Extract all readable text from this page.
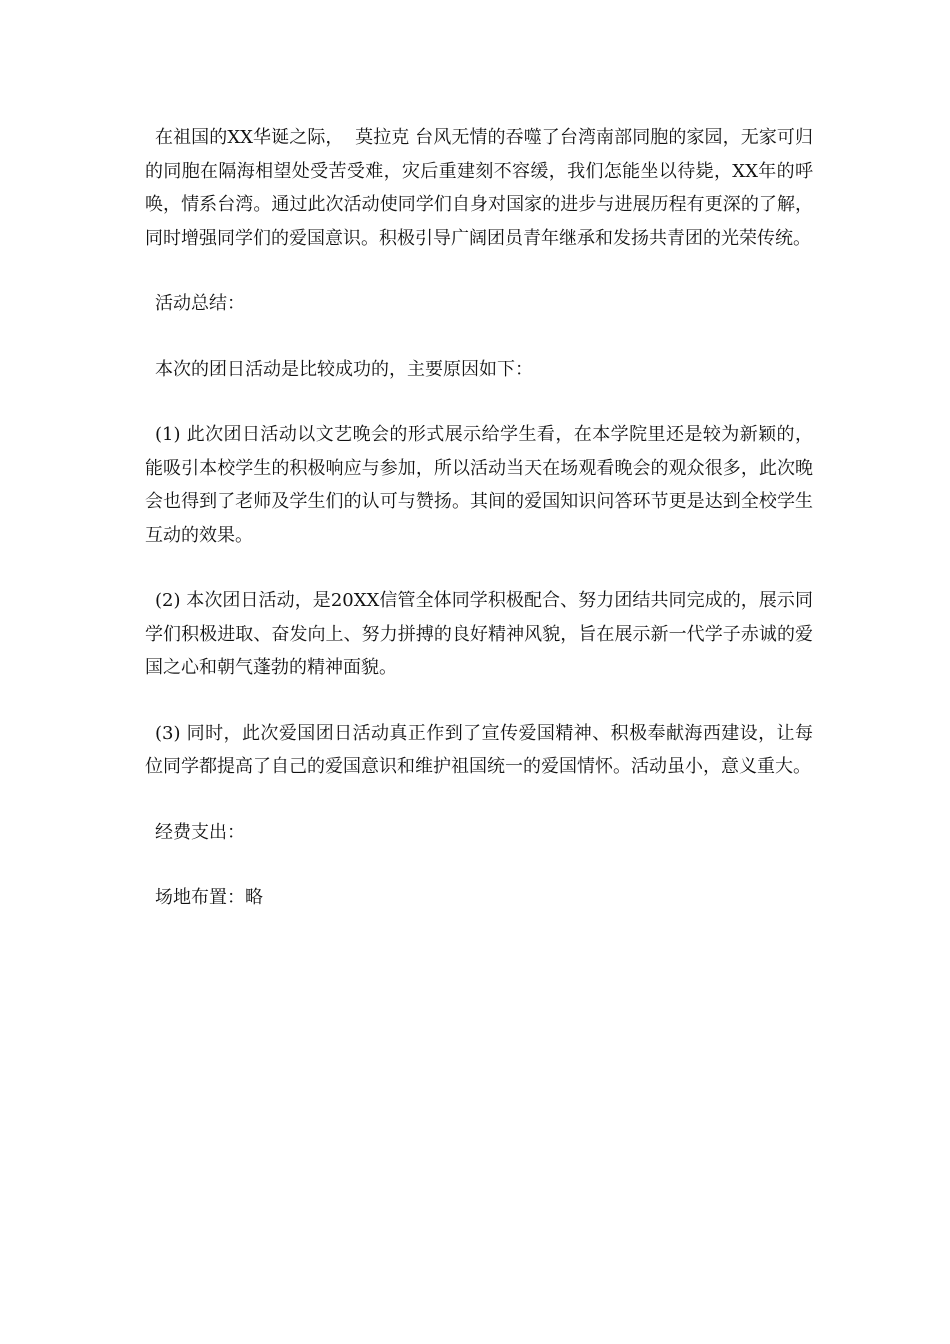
在祖国的XX华诞之际，  莫拉克 台风无情的吞噬了台湾南部同胞的家园，无家可归的同胞在隔海相望处受苦受难，灾后重建刻不容缓，我们怎能坐以待毙，XX年的呼唤，情系台湾。通过此次活动使同学们自身对国家的进步与进展历程有更深的了解，同时增强同学们的爱国意识。积极引导广阔团员青年继承和发扬共青团的光荣传统。

活动总结：

本次的团日活动是比较成功的，主要原因如下：

(1) 此次团日活动以文艺晚会的形式展示给学生看，在本学院里还是较为新颖的，能吸引本校学生的积极响应与参加，所以活动当天在场观看晚会的观众很多，此次晚会也得到了老师及学生们的认可与赞扬。其间的爱国知识问答环节更是达到全校学生互动的效果。

(2) 本次团日活动，是20XX信管全体同学积极配合、努力团结共同完成的，展示同学们积极进取、奋发向上、努力拼搏的良好精神风貌，旨在展示新一代学子赤诚的爱国之心和朝气蓬勃的精神面貌。

(3) 同时，此次爱国团日活动真正作到了宣传爱国精神、积极奉献海西建设，让每位同学都提高了自己的爱国意识和维护祖国统一的爱国情怀。活动虽小，意义重大。

经费支出：

场地布置：略
